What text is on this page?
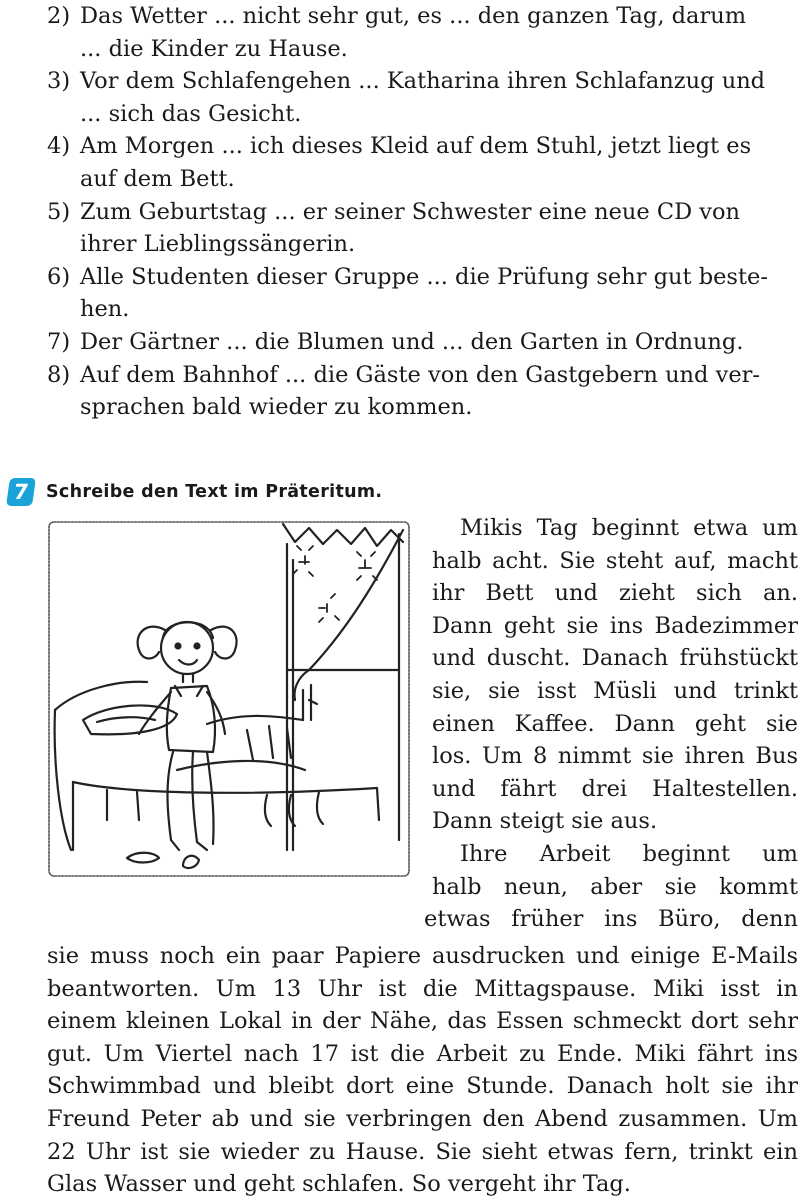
2) Das Wetter ... nicht sehr gut, es ... den ganzen Tag, darum
... die Kinder zu Hause.
3) Vor dem Schlafengehen ... Katharina ihren Schlafanzug und
... sich das Gesicht.
4) Am Morgen ... ich dieses Kleid auf dem Stuhl, jetzt liegt es
auf dem Bett.
5) Zum Geburtstag ... er seiner Schwester eine neue CD von
ihrer Lieblingssängerin.
6) Alle Studenten dieser Gruppe ... die Prüfung sehr gut beste-
hen.
7) Der Gärtner ... die Blumen und ... den Garten in Ordnung.
8) Auf dem Bahnhof ... die Gäste von den Gastgebern und ver-
sprachen bald wieder zu kommen.
7 Schreibe den Text im Präteritum.
Mikis Tag beginnt etwa um
halb acht. Sie steht auf, macht
ihr Bett und zieht sich an.
Dann geht sie ins Badezimmer
und duscht. Danach frühstückt
sie, sie isst Müsli und trinkt
einen Kaffee. Dann geht sie
los. Um 8 nimmt sie ihren Bus
und fährt drei Haltestellen.
Dann steigt sie aus.
Ihre Arbeit beginnt um
halb neun, aber sie kommt
etwas früher ins Büro, denn
sie muss noch ein paar Papiere ausdrucken und einige E-Mails
beantworten. Um 13 Uhr ist die Mittagspause. Miki isst in
einem kleinen Lokal in der Nähe, das Essen schmeckt dort sehr
gut. Um Viertel nach 17 ist die Arbeit zu Ende. Miki fährt ins
Schwimmbad und bleibt dort eine Stunde. Danach holt sie ihr
Freund Peter ab und sie verbringen den Abend zusammen. Um
22 Uhr ist sie wieder zu Hause. Sie sieht etwas fern, trinkt ein
Glas Wasser und geht schlafen. So vergeht ihr Tag.
